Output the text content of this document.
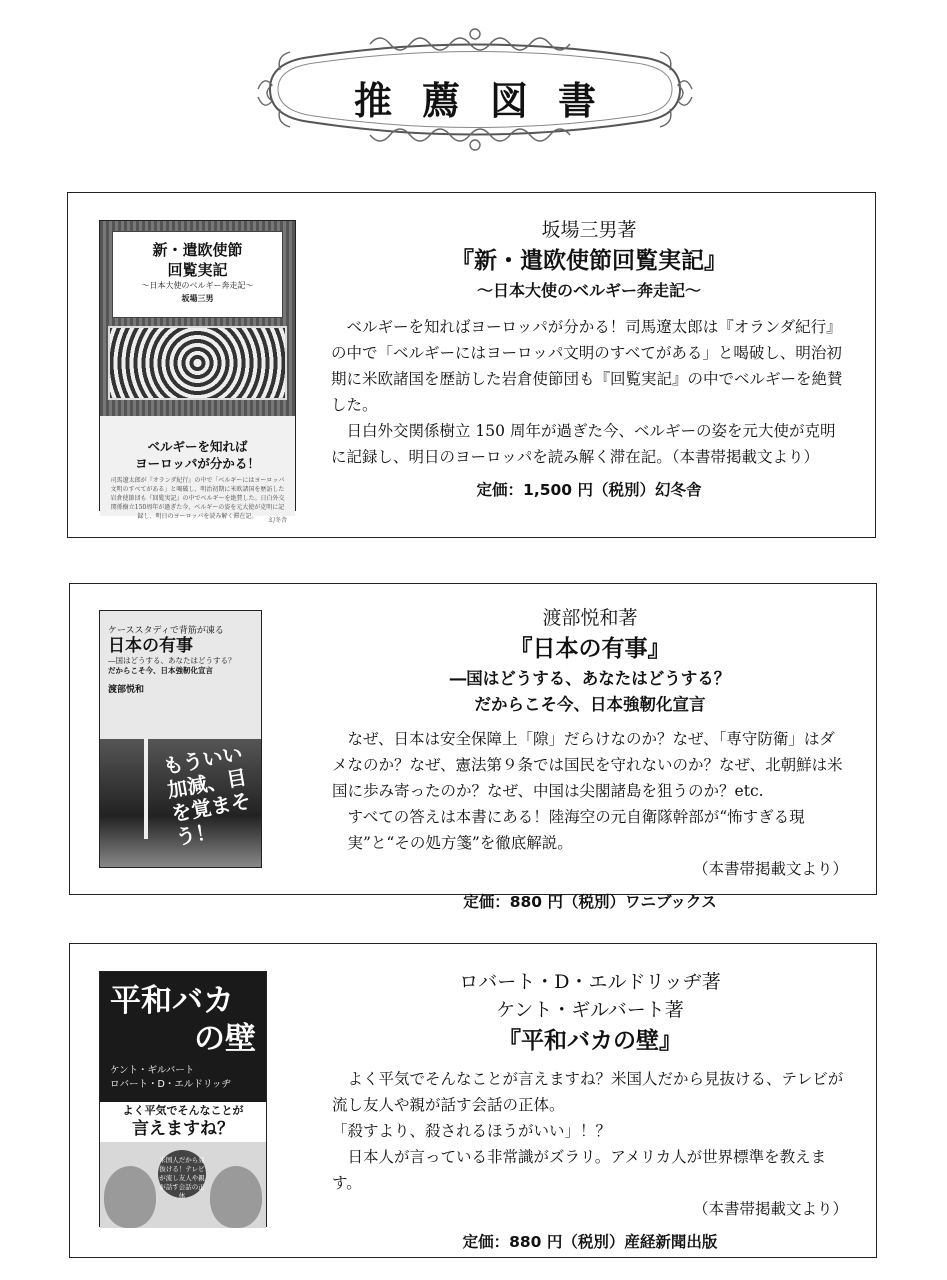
推薦図書
新・遣欧使節
回覧実記
～日本大使のベルギー奔走記～
坂場三男
ベルギーを知れば
ヨーロッパが分かる！
司馬遼太郎が『オランダ紀行』の中で「ベルギーにはヨーロッパ文明のすべてがある」と喝破し、明治初期に米欧諸国を歴訪した岩倉使節団も『回覧実記』の中でベルギーを絶賛した。日白外交関係樹立150周年が過ぎた今、ベルギーの姿を元大使が克明に記録し、明日のヨーロッパを読み解く滞在記。
幻冬舎
坂場三男著
『新・遣欧使節回覧実記』
～日本大使のベルギー奔走記～

ベルギーを知ればヨーロッパが分かる！司馬遼太郎は『オランダ紀行』の中で「ベルギーにはヨーロッパ文明のすべてがある」と喝破し、明治初期に米欧諸国を歴訪した岩倉使節団も『回覧実記』の中でベルギーを絶賛した。

日白外交関係樹立 150 周年が過ぎた今、ベルギーの姿を元大使が克明に記録し、明日のヨーロッパを読み解く滞在記。（本書帯掲載文より）

定価：1,500 円（税別）幻冬舎
ケーススタディで背筋が凍る
日本の有事
―国はどうする、あなたはどうする？
だからこそ今、日本強靭化宣言
渡部悦和
もういい加減、目を覚まそう！
渡部悦和著
『日本の有事』
―国はどうする、あなたはどうする？
だからこそ今、日本強靭化宣言

なぜ、日本は安全保障上「隙」だらけなのか？なぜ、「専守防衛」はダメなのか？なぜ、憲法第９条では国民を守れないのか？なぜ、北朝鮮は米国に歩み寄ったのか？なぜ、中国は尖閣諸島を狙うのか？etc.

すべての答えは本書にある！陸海空の元自衛隊幹部が“怖すぎる現実”と“その処方箋”を徹底解説。

（本書帯掲載文より）

定価：880 円（税別）ワニブックス
平和バカ
の壁
ケント・ギルバート
ロバート・D・エルドリッヂ
よく平気でそんなことが
言えますね？
米国人だから見抜ける！テレビが流し友人や親が話す会話の正体
ロバート・D・エルドリッヂ著
ケント・ギルバート著
『平和バカの壁』

よく平気でそんなことが言えますね？米国人だから見抜ける、テレビが流し友人や親が話す会話の正体。

「殺すより、殺されるほうがいい」！？

日本人が言っている非常識がズラリ。アメリカ人が世界標準を教えます。

（本書帯掲載文より）

定価：880 円（税別）産経新聞出版
